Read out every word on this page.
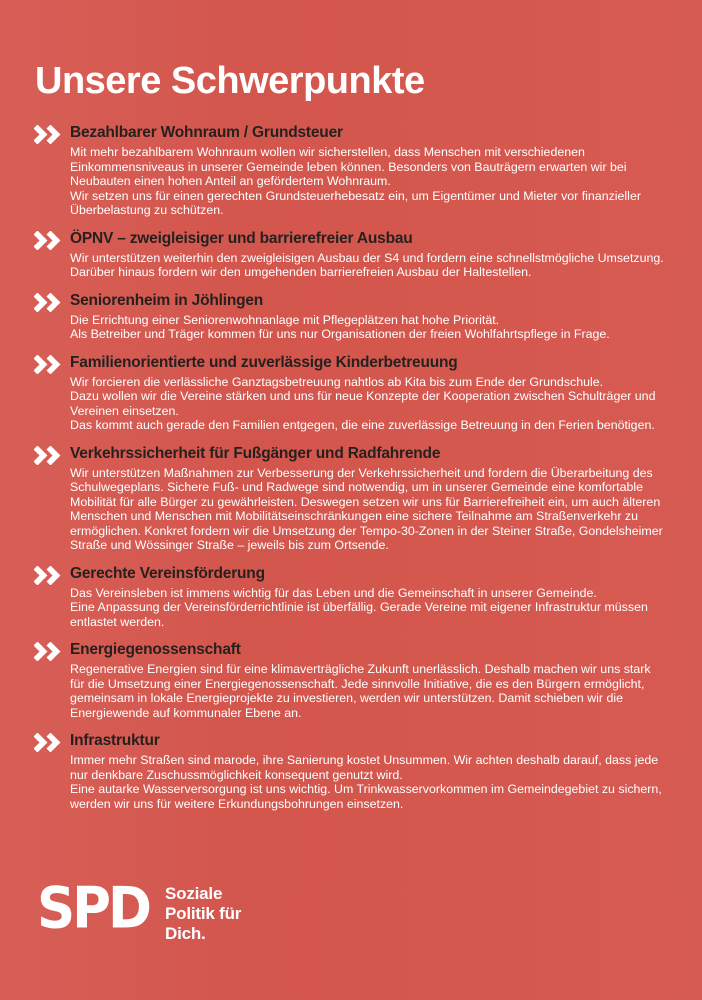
Unsere Schwerpunkte
Bezahlbarer Wohnraum / Grundsteuer

Mit mehr bezahlbarem Wohnraum wollen wir sicherstellen, dass Menschen mit verschiedenen Einkommensniveaus in unserer Gemeinde leben können. Besonders von Bauträgern erwarten wir bei Neubauten einen hohen Anteil an gefördertem Wohnraum.

Wir setzen uns für einen gerechten Grundsteuerhebesatz ein, um Eigentümer und Mieter vor finanzieller Überbelastung zu schützen.

ÖPNV – zweigleisiger und barrierefreier Ausbau

Wir unterstützen weiterhin den zweigleisigen Ausbau der S4 und fordern eine schnellstmögliche Umsetzung. Darüber hinaus fordern wir den umgehenden barrierefreien Ausbau der Haltestellen.

Seniorenheim in Jöhlingen

Die Errichtung einer Seniorenwohnanlage mit Pflegeplätzen hat hohe Priorität.

Als Betreiber und Träger kommen für uns nur Organisationen der freien Wohlfahrtspflege in Frage.

Familienorientierte und zuverlässige Kinderbetreuung

Wir forcieren die verlässliche Ganztagsbetreuung nahtlos ab Kita bis zum Ende der Grundschule.

Dazu wollen wir die Vereine stärken und uns für neue Konzepte der Kooperation zwischen Schulträger und Vereinen einsetzen.

Das kommt auch gerade den Familien entgegen, die eine zuverlässige Betreuung in den Ferien benötigen.

Verkehrssicherheit für Fußgänger und Radfahrende

Wir unterstützen Maßnahmen zur Verbesserung der Verkehrssicherheit und fordern die Überarbeitung des Schulwegeplans. Sichere Fuß- und Radwege sind notwendig, um in unserer Gemeinde eine komfortable Mobilität für alle Bürger zu gewährleisten. Deswegen setzen wir uns für Barrierefreiheit ein, um auch älteren Menschen und Menschen mit Mobilitätseinschränkungen eine sichere Teilnahme am Straßenverkehr zu ermöglichen. Konkret fordern wir die Umsetzung der Tempo-30-Zonen in der Steiner Straße, Gondelsheimer Straße und Wössinger Straße – jeweils bis zum Ortsende.

Gerechte Vereinsförderung

Das Vereinsleben ist immens wichtig für das Leben und die Gemeinschaft in unserer Gemeinde.

Eine Anpassung der Vereinsförderrichtlinie ist überfällig. Gerade Vereine mit eigener Infrastruktur müssen entlastet werden.

Energiegenossenschaft

Regenerative Energien sind für eine klimaverträgliche Zukunft unerlässlich. Deshalb machen wir uns stark für die Umsetzung einer Energiegenossenschaft. Jede sinnvolle Initiative, die es den Bürgern ermöglicht, gemeinsam in lokale Energieprojekte zu investieren, werden wir unterstützen. Damit schieben wir die Energiewende auf kommunaler Ebene an.

Infrastruktur

Immer mehr Straßen sind marode, ihre Sanierung kostet Unsummen. Wir achten deshalb darauf, dass jede nur denkbare Zuschussmöglichkeit konsequent genutzt wird.

Eine autarke Wasserversorgung ist uns wichtig. Um Trinkwasservorkommen im Gemeindegebiet zu sichern, werden wir uns für weitere Erkundungsbohrungen einsetzen.

SPD Soziale
Politik für
Dich.
